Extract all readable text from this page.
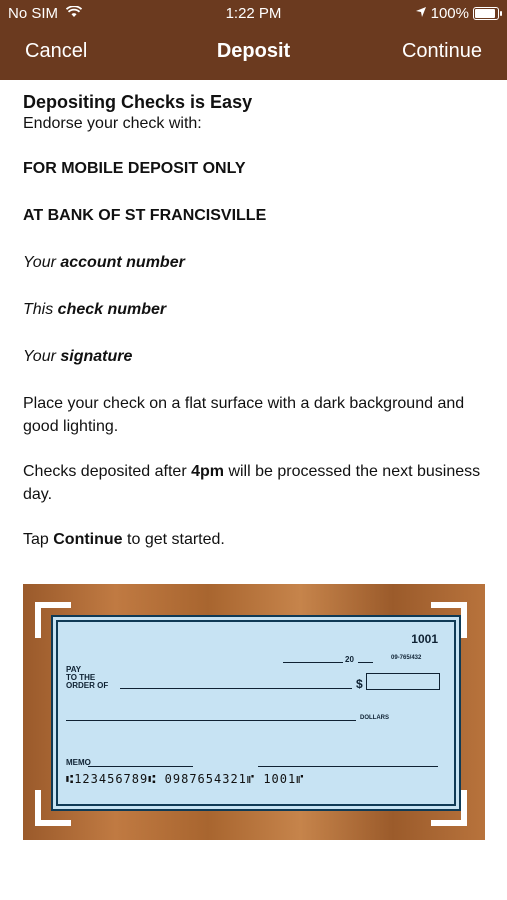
No SIM	1:22 PM	100%
Cancel	Deposit	Continue

Depositing Checks is Easy

Endorse your check with:

FOR MOBILE DEPOSIT ONLY

AT BANK OF ST FRANCISVILLE

Your account number

This check number

Your signature

Place your check on a flat surface with a dark background and good lighting.

Checks deposited after 4pm will be processed the next business day.

Tap Continue to get started.

1001
20	09-765/432
PAY
TO THE
ORDER OF	$
DOLLARS
MEMO
⑆123456789⑆ 0987654321⑈ 1001⑈
